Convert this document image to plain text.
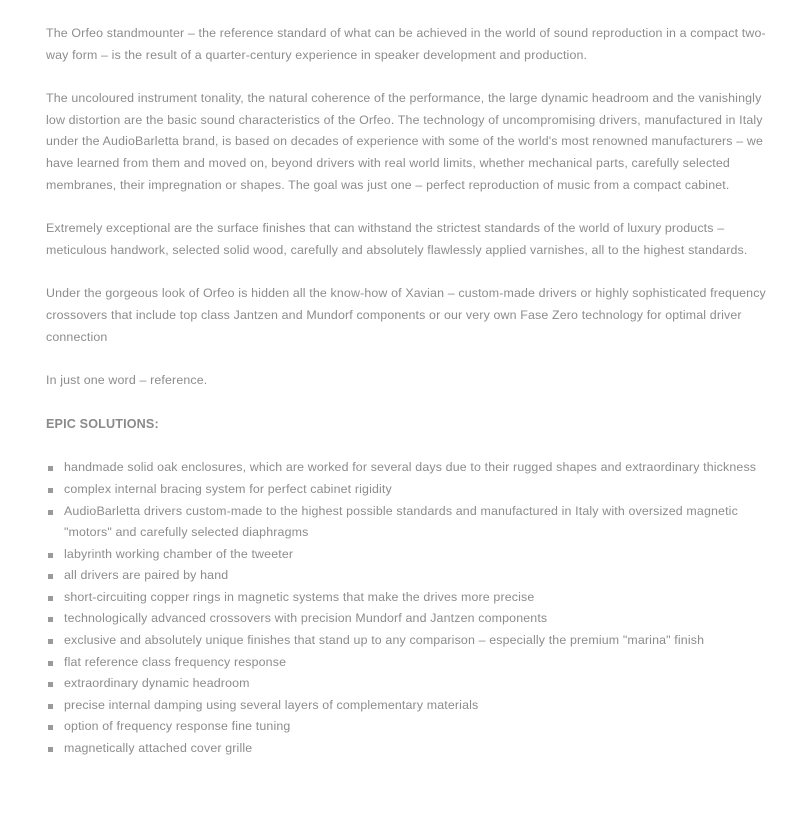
The Orfeo standmounter – the reference standard of what can be achieved in the world of sound reproduction in a compact two-way form – is the result of a quarter-century experience in speaker development and production.

The uncoloured instrument tonality, the natural coherence of the performance, the large dynamic headroom and the vanishingly low distortion are the basic sound characteristics of the Orfeo. The technology of uncompromising drivers, manufactured in Italy under the AudioBarletta brand, is based on decades of experience with some of the world's most renowned manufacturers – we have learned from them and moved on, beyond drivers with real world limits, whether mechanical parts, carefully selected membranes, their impregnation or shapes. The goal was just one – perfect reproduction of music from a compact cabinet.

Extremely exceptional are the surface finishes that can withstand the strictest standards of the world of luxury products – meticulous handwork, selected solid wood, carefully and absolutely flawlessly applied varnishes, all to the highest standards.

Under the gorgeous look of Orfeo is hidden all the know-how of Xavian – custom-made drivers or highly sophisticated frequency crossovers that include top class Jantzen and Mundorf components or our very own Fase Zero technology for optimal driver connection

In just one word – reference.

EPIC SOLUTIONS:
handmade solid oak enclosures, which are worked for several days due to their rugged shapes and extraordinary thickness
complex internal bracing system for perfect cabinet rigidity
AudioBarletta drivers custom-made to the highest possible standards and manufactured in Italy with oversized magnetic "motors" and carefully selected diaphragms
labyrinth working chamber of the tweeter
all drivers are paired by hand
short-circuiting copper rings in magnetic systems that make the drives more precise
technologically advanced crossovers with precision Mundorf and Jantzen components
exclusive and absolutely unique finishes that stand up to any comparison – especially the premium "marina" finish
flat reference class frequency response
extraordinary dynamic headroom
precise internal damping using several layers of complementary materials
option of frequency response fine tuning
magnetically attached cover grille
